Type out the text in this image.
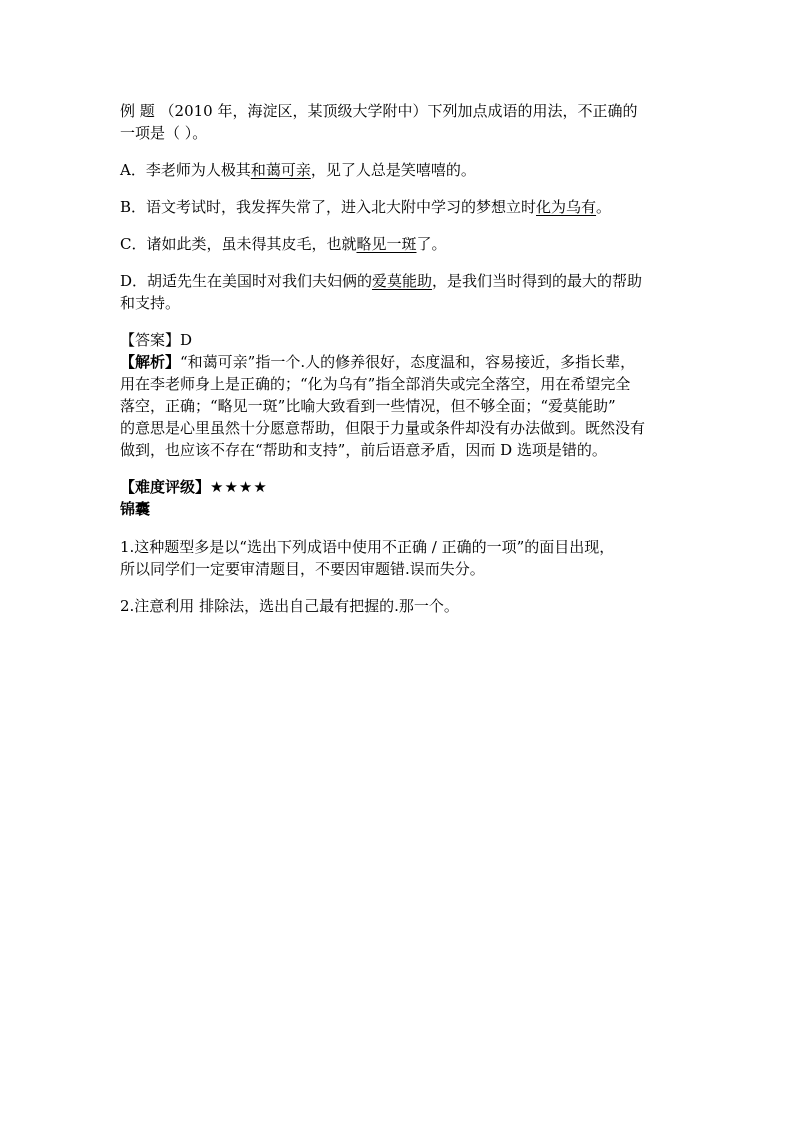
例 题 （2010 年，海淀区，某顶级大学附中）下列加点成语的用法，不正确的
一项是（ ）。

A．李老师为人极其和蔼可亲，见了人总是笑嘻嘻的。

B．语文考试时，我发挥失常了，进入北大附中学习的梦想立时化为乌有。

C．诸如此类，虽未得其皮毛，也就略见一斑了。

D．胡适先生在美国时对我们夫妇俩的爱莫能助，是我们当时得到的最大的帮助
和支持。

【答案】D
【解析】“和蔼可亲”指一个.人的修养很好，态度温和，容易接近，多指长辈，
用在李老师身上是正确的；“化为乌有”指全部消失或完全落空，用在希望完全
落空，正确；“略见一斑”比喻大致看到一些情况，但不够全面；“爱莫能助”
的意思是心里虽然十分愿意帮助，但限于力量或条件却没有办法做到。既然没有
做到，也应该不存在“帮助和支持”，前后语意矛盾，因而 D 选项是错的。

【难度评级】★★★★

锦囊

1.这种题型多是以“选出下列成语中使用不正确 / 正确的一项”的面目出现，
所以同学们一定要审清题目，不要因审题错.误而失分。

2.注意利用 排除法，选出自己最有把握的.那一个。
